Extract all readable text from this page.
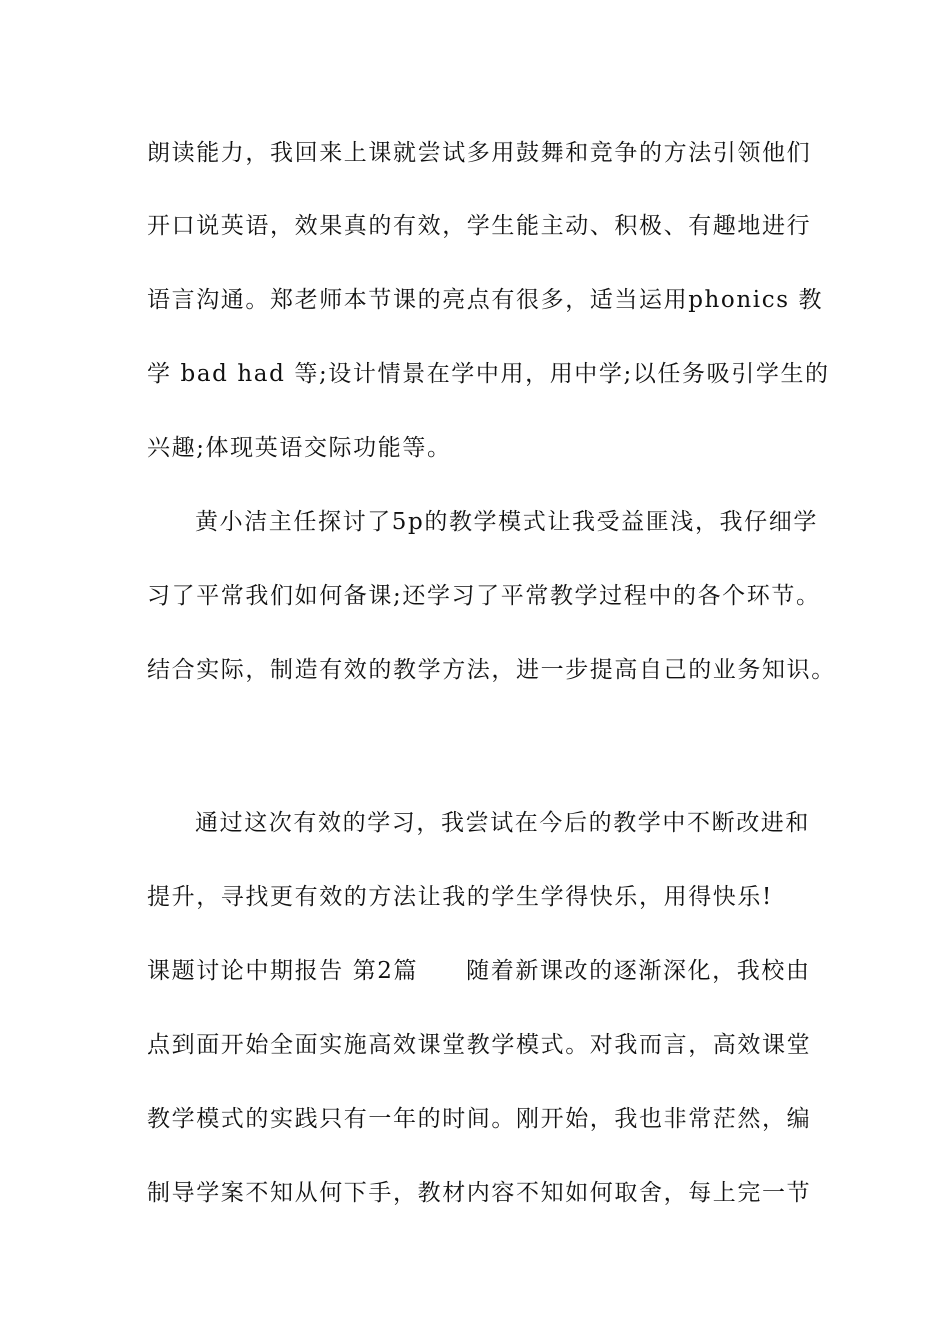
朗读能力，我回来上课就尝试多用鼓舞和竞争的方法引领他们
开口说英语，效果真的有效，学生能主动、积极、有趣地进行
语言沟通。郑老师本节课的亮点有很多，适当运用phonics 教
学 bad had 等;设计情景在学中用，用中学;以任务吸引学生的
兴趣;体现英语交际功能等。
黄小洁主任探讨了5p的教学模式让我受益匪浅，我仔细学
习了平常我们如何备课;还学习了平常教学过程中的各个环节。
结合实际，制造有效的教学方法，进一步提高自己的业务知识。
通过这次有效的学习，我尝试在今后的教学中不断改进和
提升，寻找更有效的方法让我的学生学得快乐，用得快乐!
课题讨论中期报告 第2篇 随着新课改的逐渐深化，我校由
点到面开始全面实施高效课堂教学模式。对我而言，高效课堂
教学模式的实践只有一年的时间。刚开始，我也非常茫然，编
制导学案不知从何下手，教材内容不知如何取舍，每上完一节
